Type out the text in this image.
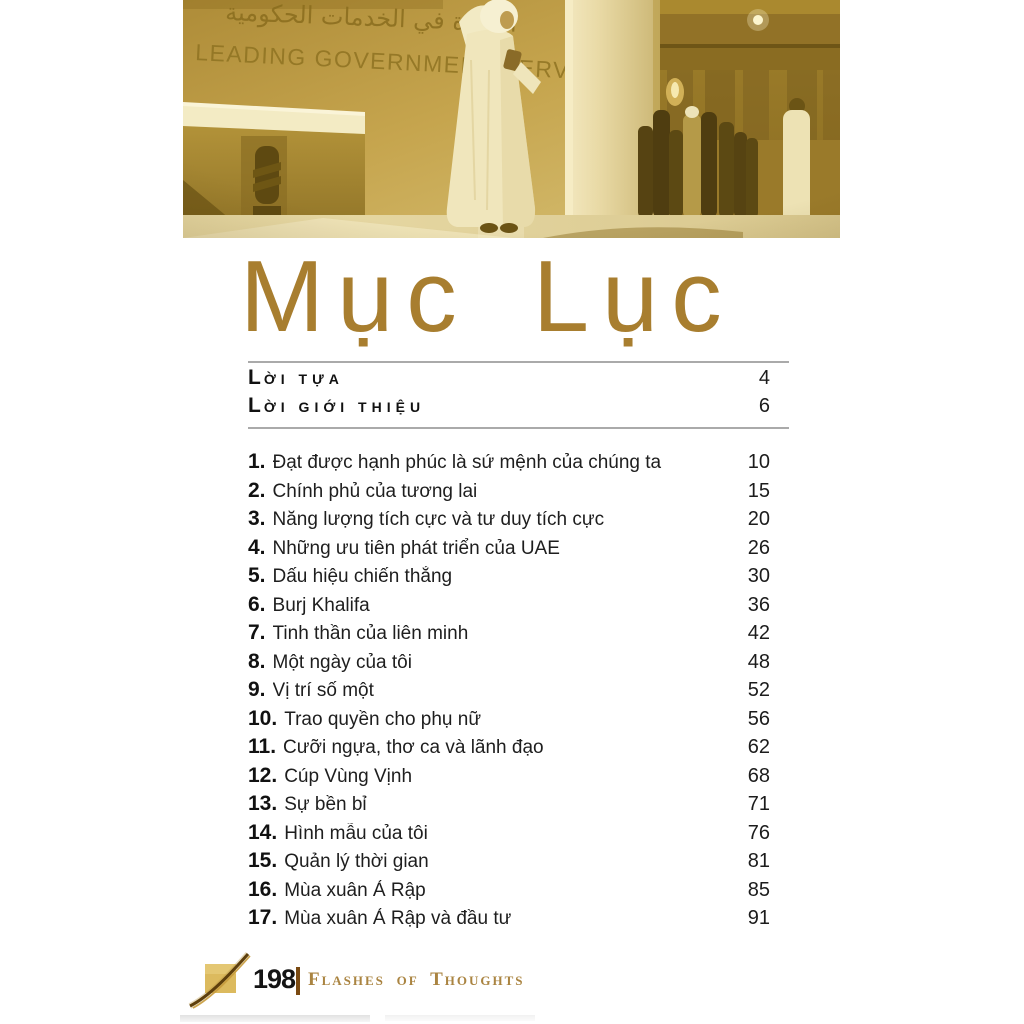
Mục Lục
LỜI TỰA	4
LỜI GIỚI THIỆU	6
1. Đạt được hạnh phúc là sứ mệnh của chúng ta	10
2. Chính phủ của tương lai	15
3. Năng lượng tích cực và tư duy tích cực	20
4. Những ưu tiên phát triển của UAE	26
5. Dấu hiệu chiến thắng	30
6. Burj Khalifa	36
7. Tinh thần của liên minh	42
8. Một ngày của tôi	48
9. Vị trí số một	52
10. Trao quyền cho phụ nữ	56
11. Cưỡi ngựa, thơ ca và lãnh đạo	62
12. Cúp Vùng Vịnh	68
13. Sự bền bỉ	71
14. Hình mẫu của tôi	76
15. Quản lý thời gian	81
16. Mùa xuân Ả Rập	85
17. Mùa xuân Ả Rập và đầu tư	91
198 Flashes of Thoughts
